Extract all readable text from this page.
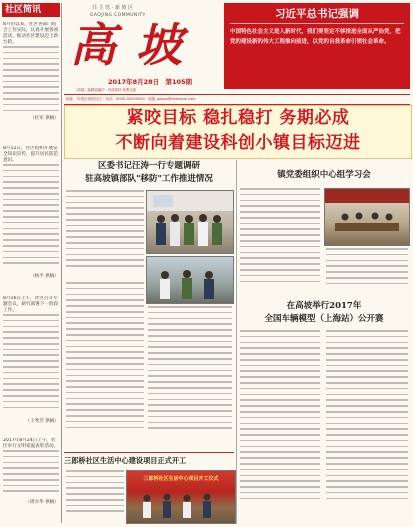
社区简讯

8月份以来，社区各部门结合工作实际，认真开展各项活动，推动社区建设迈上新台阶。

（杜军 供稿）

8月12日，社区组织开展安全知识宣传，提升居民防范意识。

（杨平 供稿）

8月16日上午，社区召开专题会议，研究部署下一阶段工作。

（王秀芳 供稿）

2017年8月24日上午，社区举行文明家庭表彰活动。

（周少华 供稿）

共 主 管 · 新 坡 区
GAOJING COMMUNITY
高 坡
2017年8月28日 第105期
《高坡》编辑部编印 · 内部资料 免费交流
习近平总书记强调
中国特色社会主义进入新时代，我们要坚定不移推进全面从严治党，把党的建设新的伟大工程推向前进，以党的自我革命引领社会革命。
地址：东城区高坡社区 · 电话：0000-00000000 · 邮箱 gaopo@example.com
紧咬目标 稳扎稳打 务期必成
不断向着建设科创小镇目标迈进
区委书记汪涛一行专题调研
驻高坡镇部队"移防"工作推进情况	镇党委组织中心组学习会
在高坡举行2017年
全国车辆模型（上海站）公开赛
三郎桥社区生活中心建设项目正式开工
三郎桥社区生活中心项目开工仪式
